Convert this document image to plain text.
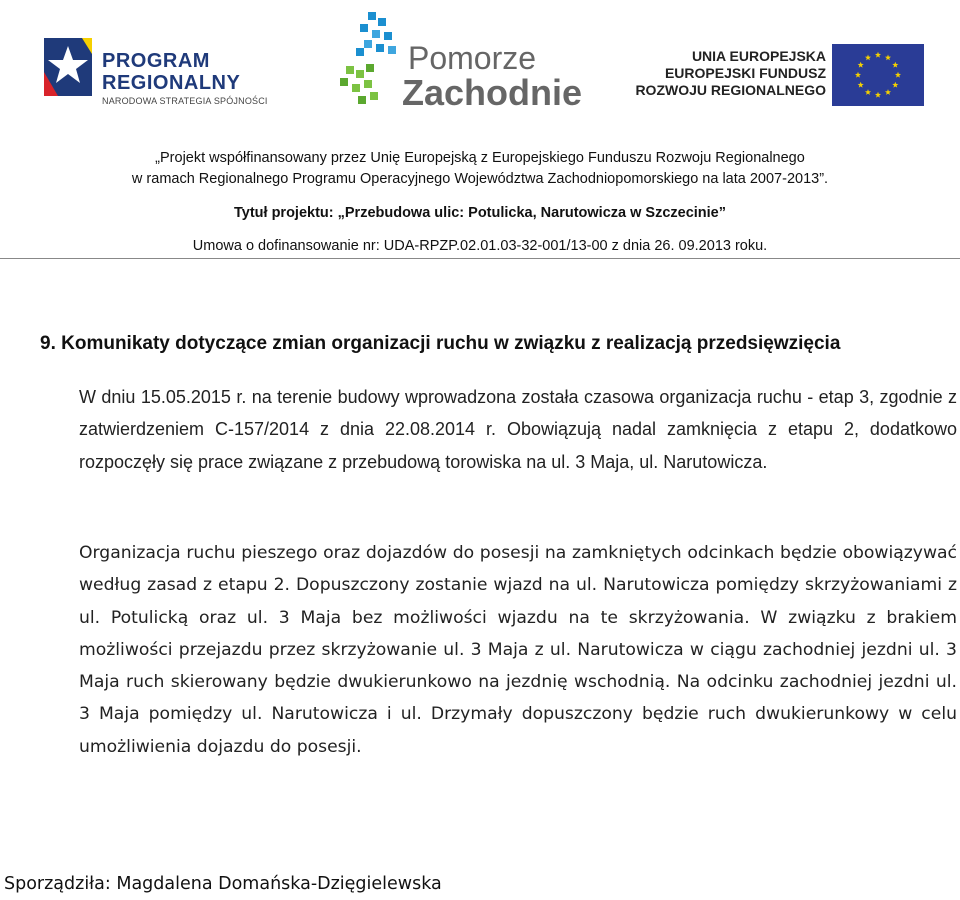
PROGRAM
REGIONALNY
NARODOWA STRATEGIA SPÓJNOŚCI
Pomorze
Zachodnie
UNIA EUROPEJSKA
EUROPEJSKI FUNDUSZ
ROZWOJU REGIONALNEGO
„Projekt współfinansowany przez Unię Europejską z Europejskiego Funduszu Rozwoju Regionalnego
w ramach Regionalnego Programu Operacyjnego Województwa Zachodniopomorskiego na lata 2007-2013”.
Tytuł projektu: „Przebudowa ulic: Potulicka, Narutowicza w Szczecinie”
Umowa o dofinansowanie nr: UDA-RPZP.02.01.03-32-001/13-00 z dnia 26. 09.2013 roku.
9. Komunikaty dotyczące zmian organizacji ruchu w związku z realizacją przedsięwzięcia

W dniu 15.05.2015 r. na terenie budowy wprowadzona została czasowa organizacja ruchu - etap 3, zgodnie z zatwierdzeniem C-157/2014 z dnia 22.08.2014 r. Obowiązują nadal zamknięcia z etapu 2, dodatkowo rozpoczęły się prace związane z przebudową torowiska na ul. 3 Maja, ul. Narutowicza.

Organizacja ruchu pieszego oraz dojazdów do posesji na zamkniętych odcinkach będzie obowiązywać według zasad z etapu 2. Dopuszczony zostanie wjazd na ul. Narutowicza pomiędzy skrzyżowaniami z ul. Potulicką oraz ul. 3 Maja bez możliwości wjazdu na te skrzyżowania. W związku z brakiem możliwości przejazdu przez skrzyżowanie ul. 3 Maja z ul. Narutowicza w ciągu zachodniej jezdni ul. 3 Maja ruch skierowany będzie dwukierunkowo na jezdnię wschodnią. Na odcinku zachodniej jezdni ul. 3 Maja pomiędzy ul. Narutowicza i ul. Drzymały dopuszczony będzie ruch dwukierunkowy w celu umożliwienia dojazdu do posesji.

Sporządziła: Magdalena Domańska-Dzięgielewska
